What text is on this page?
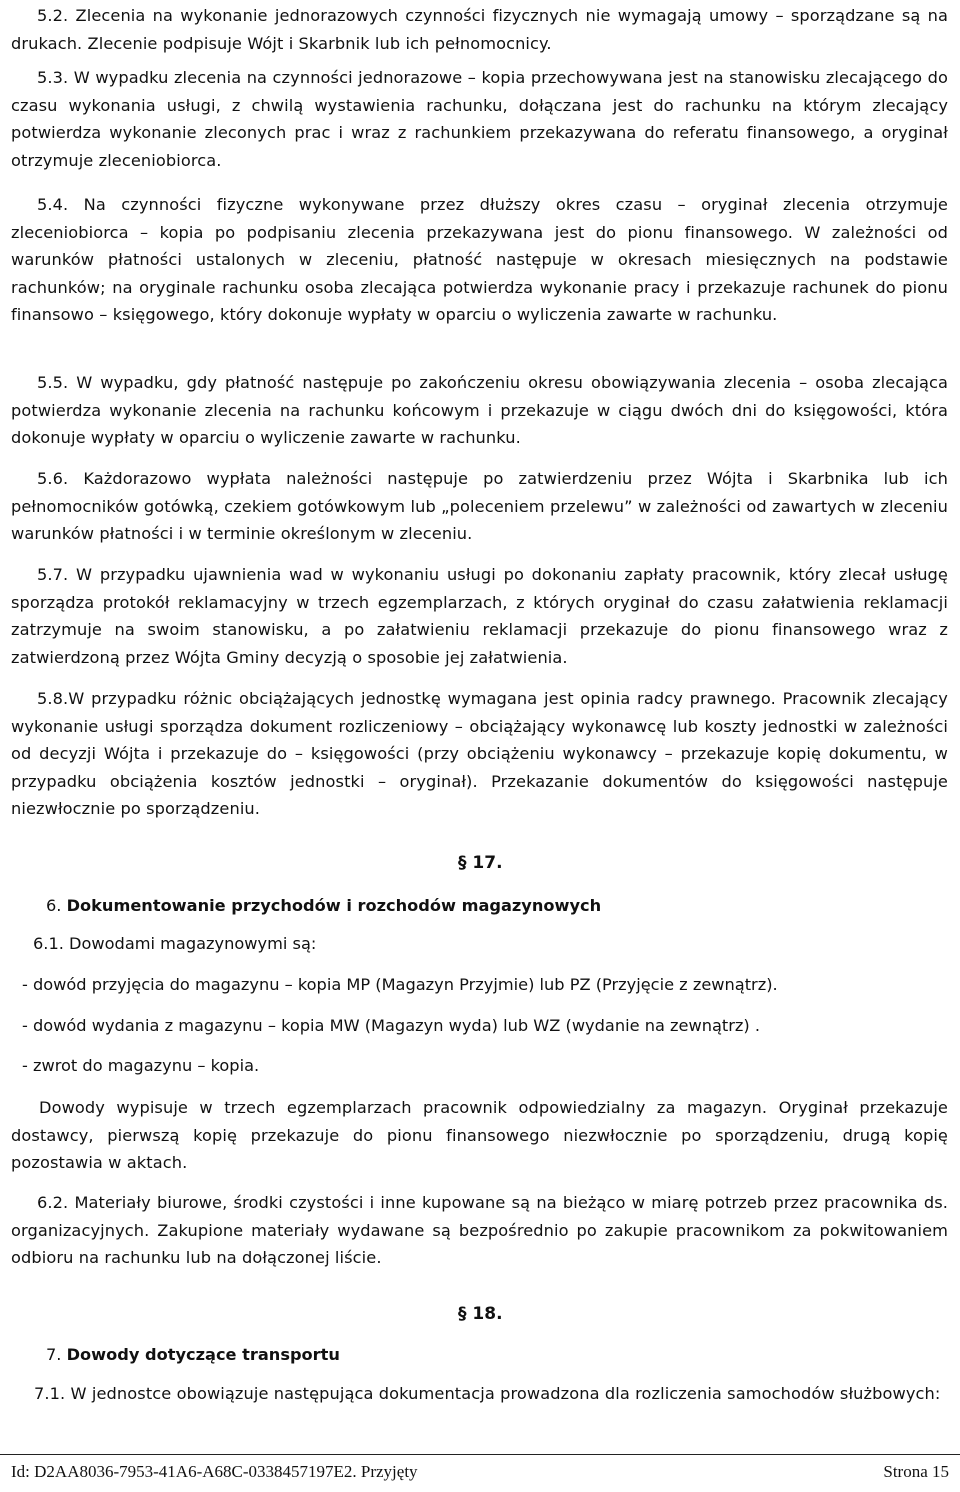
5.2. Zlecenia na wykonanie jednorazowych czynności fizycznych nie wymagają umowy – sporządzane są na drukach. Zlecenie podpisuje Wójt i Skarbnik lub ich pełnomocnicy.

5.3. W wypadku zlecenia na czynności jednorazowe – kopia przechowywana jest na stanowisku zlecającego do czasu wykonania usługi, z chwilą wystawienia rachunku, dołączana jest do rachunku na którym zlecający potwierdza wykonanie zleconych prac i wraz z rachunkiem przekazywana do referatu finansowego, a oryginał otrzymuje zleceniobiorca.

5.4. Na czynności fizyczne wykonywane przez dłuższy okres czasu – oryginał zlecenia otrzymuje zleceniobiorca – kopia po podpisaniu zlecenia przekazywana jest do pionu finansowego. W zależności od warunków płatności ustalonych w zleceniu, płatność następuje w okresach miesięcznych na podstawie rachunków; na oryginale rachunku osoba zlecająca potwierdza wykonanie pracy i przekazuje rachunek do pionu finansowo – księgowego, który dokonuje wypłaty w oparciu o wyliczenia zawarte w rachunku.

5.5. W wypadku, gdy płatność następuje po zakończeniu okresu obowiązywania zlecenia – osoba zlecająca potwierdza wykonanie zlecenia na rachunku końcowym i przekazuje w ciągu dwóch dni do księgowości, która dokonuje wypłaty w oparciu o wyliczenie zawarte w rachunku.

5.6. Każdorazowo wypłata należności następuje po zatwierdzeniu przez Wójta i Skarbnika lub ich pełnomocników gotówką, czekiem gotówkowym lub „poleceniem przelewu” w zależności od zawartych w zleceniu warunków płatności i w terminie określonym w zleceniu.

5.7. W przypadku ujawnienia wad w wykonaniu usługi po dokonaniu zapłaty pracownik, który zlecał usługę sporządza protokół reklamacyjny w trzech egzemplarzach, z których oryginał do czasu załatwienia reklamacji zatrzymuje na swoim stanowisku, a po załatwieniu reklamacji przekazuje do pionu finansowego wraz z zatwierdzoną przez Wójta Gminy decyzją o sposobie jej załatwienia.

5.8.W przypadku różnic obciążających jednostkę wymagana jest opinia radcy prawnego. Pracownik zlecający wykonanie usługi sporządza dokument rozliczeniowy – obciążający wykonawcę lub koszty jednostki w zależności od decyzji Wójta i przekazuje do – księgowości (przy obciążeniu wykonawcy – przekazuje kopię dokumentu, w przypadku obciążenia kosztów jednostki – oryginał). Przekazanie dokumentów do księgowości następuje niezwłocznie po sporządzeniu.

§ 17.
6. Dokumentowanie przychodów i rozchodów magazynowych
6.1. Dowodami magazynowymi są:
- dowód przyjęcia do magazynu – kopia MP (Magazyn Przyjmie) lub PZ (Przyjęcie z zewnątrz).
- dowód wydania z magazynu – kopia MW (Magazyn wyda) lub WZ (wydanie na zewnątrz) .
- zwrot do magazynu – kopia.

Dowody wypisuje w trzech egzemplarzach pracownik odpowiedzialny za magazyn. Oryginał przekazuje dostawcy, pierwszą kopię przekazuje do pionu finansowego niezwłocznie po sporządzeniu, drugą kopię pozostawia w aktach.

6.2. Materiały biurowe, środki czystości i inne kupowane są na bieżąco w miarę potrzeb przez pracownika ds. organizacyjnych. Zakupione materiały wydawane są bezpośrednio po zakupie pracownikom za pokwitowaniem odbioru na rachunku lub na dołączonej liście.

§ 18.
7. Dowody dotyczące transportu

7.1. W jednostce obowiązuje następująca dokumentacja prowadzona dla rozliczenia samochodów służbowych:

Id: D2AA8036-7953-41A6-A68C-0338457197E2. Przyjęty	Strona 15
